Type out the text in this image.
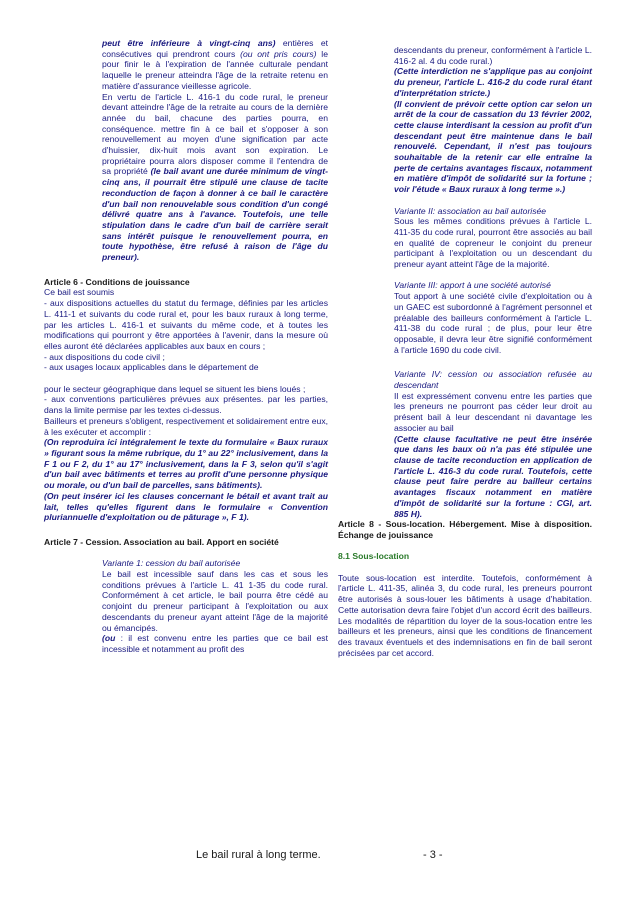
peut être inférieure à vingt-cinq ans) entières et consécutives qui prendront cours (ou ont pris cours) le pour finir le à l'expiration de l'année culturale pendant laquelle le preneur atteindra l'âge de la retraite retenu en matière d'assurance vieillesse agricole.

En vertu de l'article L. 416-1 du code rural, le preneur devant atteindre l'âge de la retraite au cours de la dernière année du bail, chacune des parties pourra, en conséquence. mettre fin à ce bail et s'opposer à son renouvellement au moyen d'une signification par acte d'huissier, dix-huit mois avant son expiration. Le propriétaire pourra alors disposer comme il l'entendra de sa propriété (le bail avant une durée minimum de vingt-cinq ans, il pourrait être stipulé une clause de tacite reconduction de façon à donner à ce bail le caractère d'un bail non renouvelable sous condition d'un congé délivré quatre ans à l'avance. Toutefois, une telle stipulation dans le cadre d'un bail de carrière serait sans intérêt puisque le renouvellement pourra, en toute hypothèse, être refusé à raison de l'âge du preneur).

Article 6 - Conditions de jouissance

Ce bail est soumis

- aux dispositions actuelles du statut du fermage, définies par les articles L. 411-1 et suivants du code rural et, pour les baux ruraux à long terme, par les articles L. 416-1 et suivants du même code, et à toutes les modifications qui pourront y être apportées à l'avenir, dans la mesure où elles auront été déclarées applicables aux baux en cours ;

- aux dispositions du code civil ;

- aux usages locaux applicables dans le département de

pour le secteur géographique dans lequel se situent les biens loués ;

- aux conventions particulières prévues aux présentes. par les parties, dans la limite permise par les textes ci-dessus.

Bailleurs et preneurs s'obligent, respectivement et solidairement entre eux, à les exécuter et accomplir :

(On reproduira ici intégralement le texte du formulaire « Baux ruraux » figurant sous la même rubrique, du 1° au 22° inclusivement, dans la F 1 ou F 2, du 1° au 17° inclusivement, dans la F 3, selon qu'il s'agit d'un bail avec bâtiments et terres au profit d'une personne physique ou morale, ou d'un bail de parcelles, sans bâtiments).

(On peut insérer ici les clauses concernant le bétail et avant trait au lait, telles qu'elles figurent dans le formulaire « Convention pluriannuelle d'exploitation ou de pâturage », F 1).

Article 7 - Cession. Association au bail. Apport en société

Variante 1: cession du bail autorisée

Le bail est incessible sauf dans les cas et sous les conditions prévues à l'article L. 41 1-35 du code rural. Conformément à cet article, le bail pourra être cédé au conjoint du preneur participant à l'exploitation ou aux descendants du preneur ayant atteint l'âge de la majorité ou émancipés.

(ou : il est convenu entre les parties que ce bail est incessible et notamment au profit des

descendants du preneur, conformément à l'article L. 416-2 al. 4 du code rural.)

(Cette interdiction ne s'applique pas au conjoint du preneur, l'article L. 416-2 du code rural étant d'interprétation stricte.)

(Il convient de prévoir cette option car selon un arrêt de la cour de cassation du 13 février 2002, cette clause interdisant la cession au profit d'un descendant peut être maintenue dans le bail renouvelé. Cependant, il n'est pas toujours souhaitable de la retenir car elle entraîne la perte de certains avantages fiscaux, notamment en matière d'impôt de solidarité sur la fortune ; voir l'étude « Baux ruraux à long terme ».)

Variante II: association au bail autorisée

Sous les mêmes conditions prévues à l'article L. 411-35 du code rural, pourront être associés au bail en qualité de copreneur le conjoint du preneur participant à l'exploitation ou un descendant du preneur ayant atteint l'âge de la majorité.

Variante III: apport à une société autorisé

Tout apport à une société civile d'exploitation ou à un GAEC est subordonné à l'agrément personnel et préalable des bailleurs conformément à l'article L. 411-38 du code rural ; de plus, pour leur être opposable, il devra leur être signifié conformément à l'article 1690 du code civil.

Variante IV: cession ou association refusée au descendant

Il est expressément convenu entre les parties que les preneurs ne pourront pas céder leur droit au présent bail à leur descendant ni davantage les associer au bail

(Cette clause facultative ne peut être insérée que dans les baux où n'a pas été stipulée une clause de tacite reconduction en application de l'article L. 416-3 du code rural. Toutefois, cette clause peut faire perdre au bailleur certains avantages fiscaux notamment en matière d'impôt de solidarité sur la fortune : CGI, art. 885 H).

Article 8 - Sous-location. Hébergement. Mise à disposition. Échange de jouissance

8.1 Sous-location

Toute sous-location est interdite. Toutefois, conformément à l'article L. 411-35, alinéa 3, du code rural, les preneurs pourront être autorisés à sous-louer les bâtiments à usage d'habitation. Cette autorisation devra faire l'objet d'un accord écrit des bailleurs. Les modalités de répartition du loyer de la sous-location entre les bailleurs et les preneurs, ainsi que les conditions de financement des travaux éventuels et des indemnisations en fin de bail seront précisées par cet accord.

Le bail rural à long terme.	- 3 -
